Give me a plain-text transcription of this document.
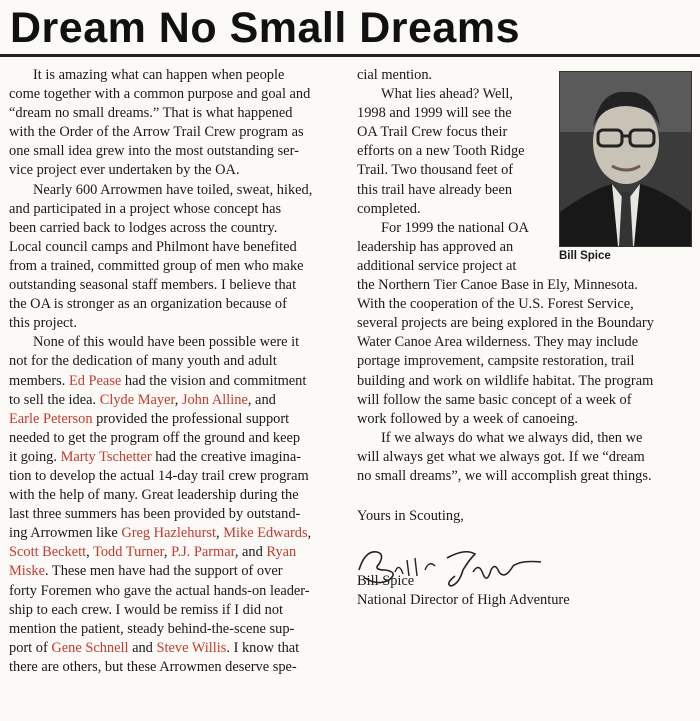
Dream No Small Dreams

It is amazing what can happen when people

come together with a common purpose and goal and

“dream no small dreams.” That is what happened

with the Order of the Arrow Trail Crew program as

one small idea grew into the most outstanding ser-

vice project ever undertaken by the OA.

Nearly 600 Arrowmen have toiled, sweat, hiked,

and participated in a project whose concept has

been carried back to lodges across the country.

Local council camps and Philmont have benefited

from a trained, committed group of men who make

outstanding seasonal staff members. I believe that

the OA is stronger as an organization because of

this project.

None of this would have been possible were it

not for the dedication of many youth and adult

members. Ed Pease had the vision and commitment

to sell the idea. Clyde Mayer, John Alline, and

Earle Peterson provided the professional support

needed to get the program off the ground and keep

it going. Marty Tschetter had the creative imagina-

tion to develop the actual 14-day trail crew program

with the help of many. Great leadership during the

last three summers has been provided by outstand-

ing Arrowmen like Greg Hazlehurst, Mike Edwards,

Scott Beckett, Todd Turner, P.J. Parmar, and Ryan

Miske. These men have had the support of over

forty Foremen who gave the actual hands-on leader-

ship to each crew. I would be remiss if I did not

mention the patient, steady behind-the-scene sup-

port of Gene Schnell and Steve Willis. I know that

there are others, but these Arrowmen deserve spe-

cial mention.

What lies ahead? Well,

1998 and 1999 will see the

OA Trail Crew focus their

efforts on a new Tooth Ridge

Trail. Two thousand feet of

this trail have already been

completed.

For 1999 the national OA

leadership has approved an

additional service project at

the Northern Tier Canoe Base in Ely, Minnesota.

With the cooperation of the U.S. Forest Service,

several projects are being explored in the Boundary

Water Canoe Area wilderness. They may include

portage improvement, campsite restoration, trail

building and work on wildlife habitat. The program

will follow the same basic concept of a week of

work followed by a week of canoeing.

If we always do what we always did, then we

will always get what we always got. If we “dream

no small dreams”, we will accomplish great things.

Yours in Scouting,

Bill Spice

National Director of High Adventure

Bill Spice
